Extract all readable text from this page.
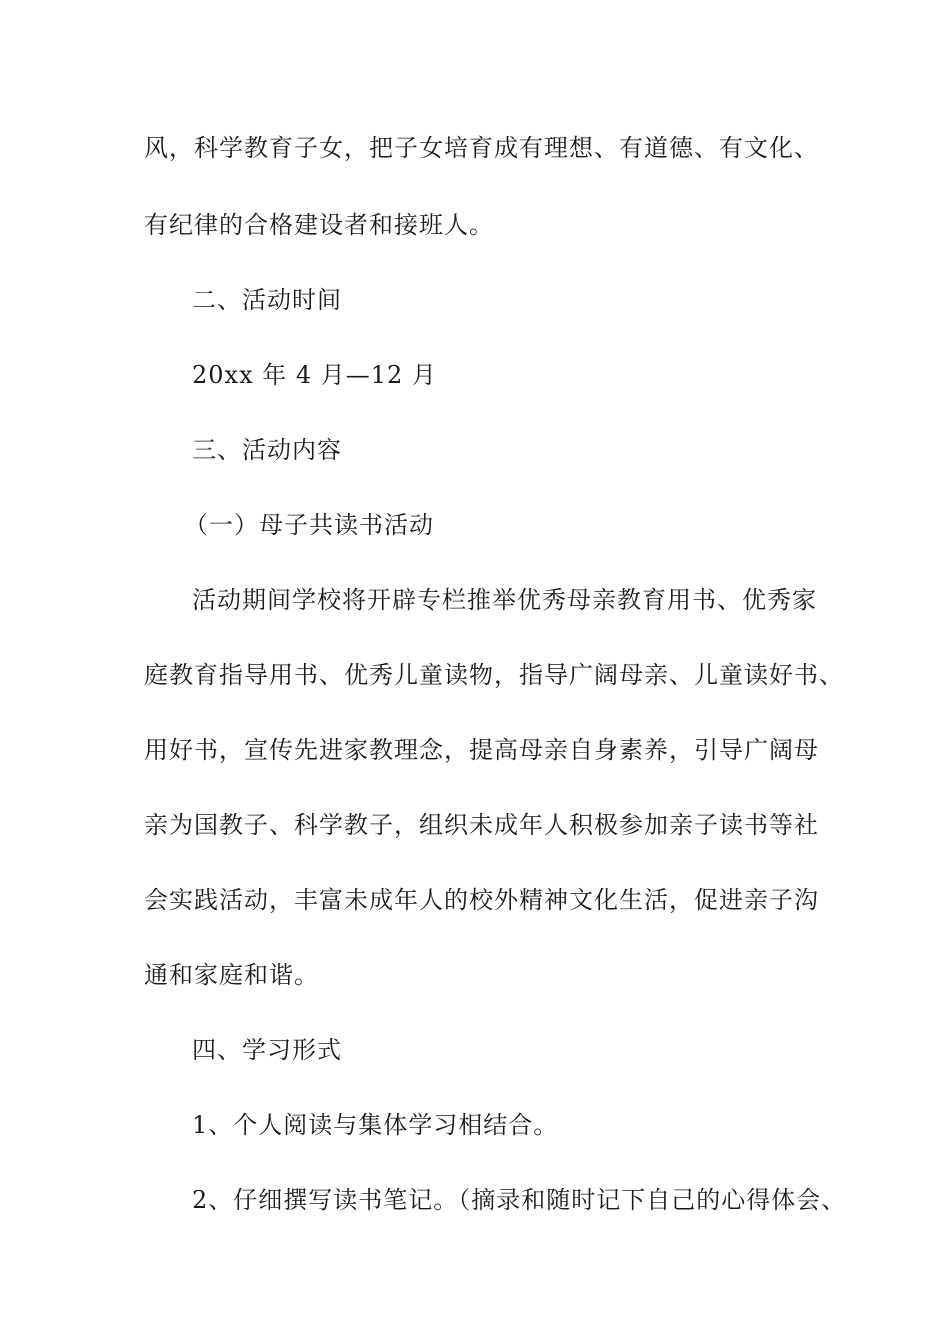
风，科学教育子女，把子女培育成有理想、有道德、有文化、
有纪律的合格建设者和接班人。
二、活动时间
20xx 年 4 月—12 月
三、活动内容
（一）母子共读书活动
活动期间学校将开辟专栏推举优秀母亲教育用书、优秀家
庭教育指导用书、优秀儿童读物，指导广阔母亲、儿童读好书、
用好书，宣传先进家教理念，提高母亲自身素养，引导广阔母
亲为国教子、科学教子，组织未成年人积极参加亲子读书等社
会实践活动，丰富未成年人的校外精神文化生活，促进亲子沟
通和家庭和谐。
四、学习形式
1、个人阅读与集体学习相结合。
2、仔细撰写读书笔记。（摘录和随时记下自己的心得体会、
